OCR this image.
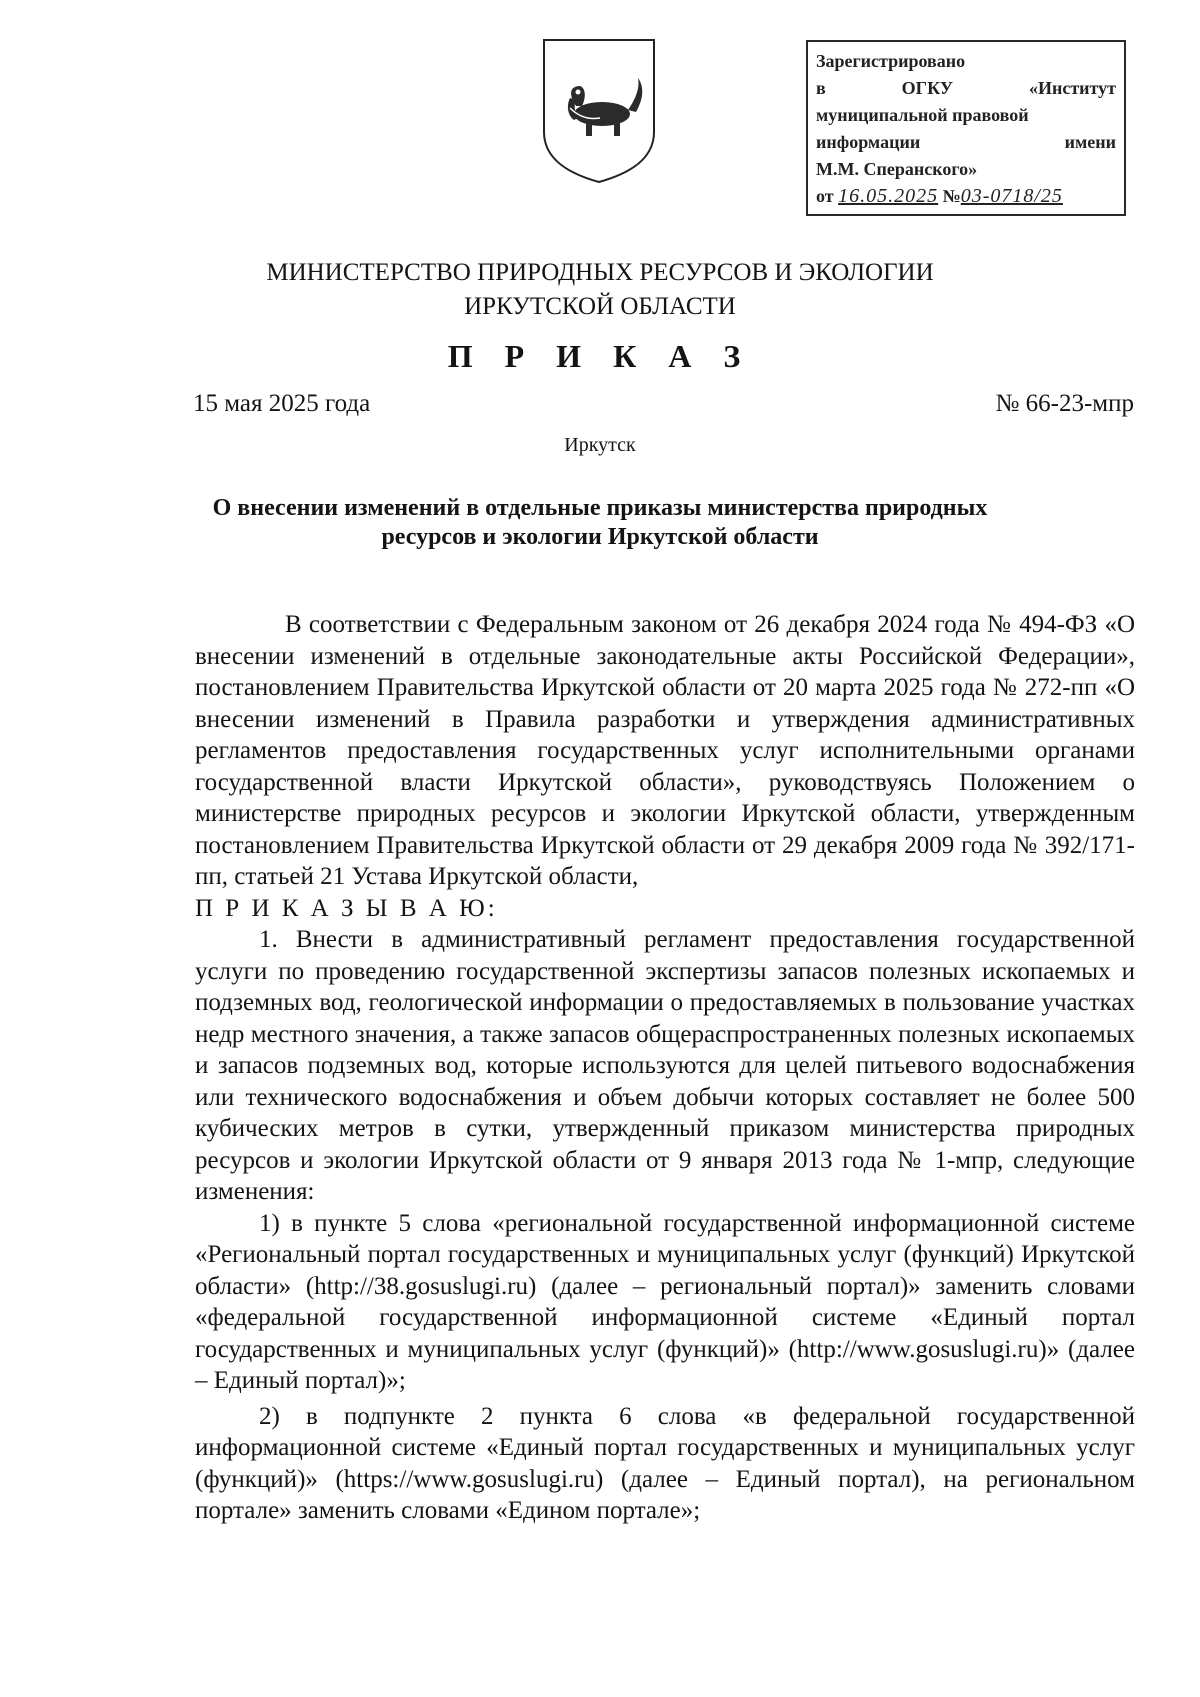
Зарегистрировано
в	ОГКУ	«Институт
муниципальной правовой
информации	имени
М.М. Сперанского»
от 16.05.2025 №03-0718/25
МИНИСТЕРСТВО ПРИРОДНЫХ РЕСУРСОВ И ЭКОЛОГИИ
ИРКУТСКОЙ ОБЛАСТИ
П Р И К А З
15 мая 2025 года	№ 66-23-мпр
Иркутск
О внесении изменений в отдельные приказы министерства природных
ресурсов и экологии Иркутской области

В соответствии с Федеральным законом от 26 декабря 2024 года № 494-ФЗ «О внесении изменений в отдельные законодательные акты Российской Федерации», постановлением Правительства Иркутской области от 20 марта 2025 года № 272-пп «О внесении изменений в Правила разработки и утверждения административных регламентов предоставления государственных услуг исполнительными органами государственной власти Иркутской области», руководствуясь Положением о министерстве природных ресурсов и экологии Иркутской области, утвержденным постановлением Правительства Иркутской области от 29 декабря 2009 года № 392/171-пп, статьей 21 Устава Иркутской области,

П Р И К А З Ы В А Ю:

1. Внести в административный регламент предоставления государственной услуги по проведению государственной экспертизы запасов полезных ископаемых и подземных вод, геологической информации о предоставляемых в пользование участках недр местного значения, а также запасов общераспространенных полезных ископаемых и запасов подземных вод, которые используются для целей питьевого водоснабжения или технического водоснабжения и объем добычи которых составляет не более 500 кубических метров в сутки, утвержденный приказом министерства природных ресурсов и экологии Иркутской области от 9 января 2013 года № 1-мпр, следующие изменения:

1) в пункте 5 слова «региональной государственной информационной системе «Региональный портал государственных и муниципальных услуг (функций) Иркутской области» (http://38.gosuslugi.ru) (далее – региональный портал)» заменить словами «федеральной государственной информационной системе «Единый портал государственных и муниципальных услуг (функций)» (http://www.gosuslugi.ru)» (далее – Единый портал)»;

2) в подпункте 2 пункта 6 слова «в федеральной государственной информационной системе «Единый портал государственных и муниципальных услуг (функций)» (https://www.gosuslugi.ru) (далее – Единый портал), на региональном портале» заменить словами «Едином портале»;
